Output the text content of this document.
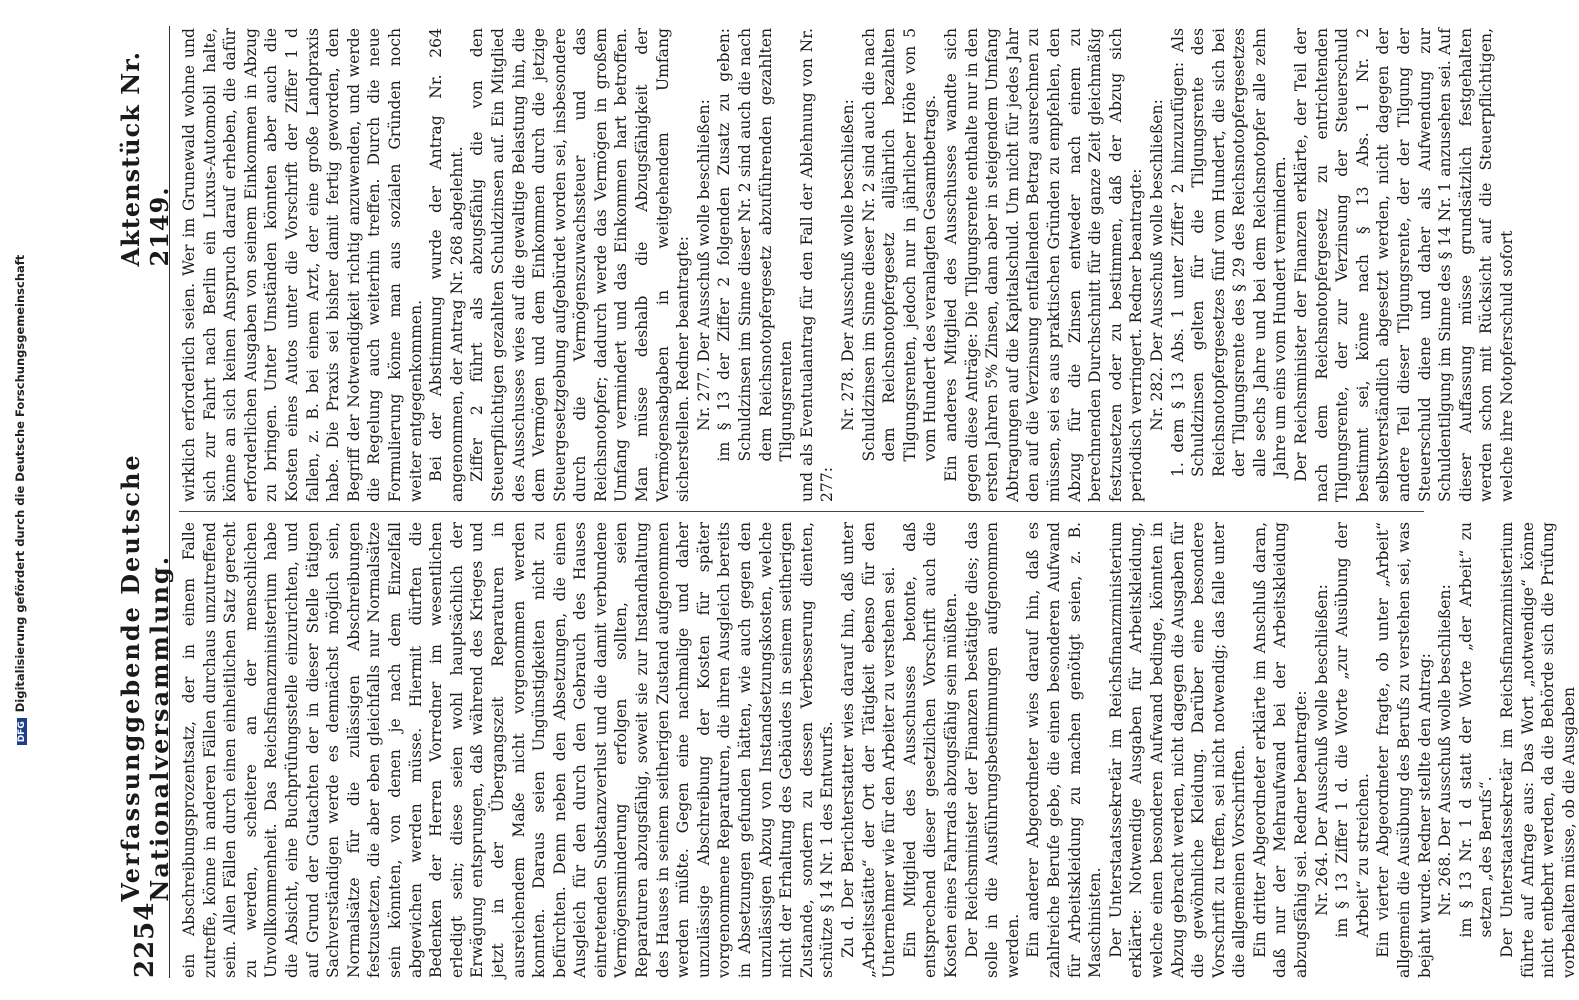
DFGDigitalisierung gefördert durch die Deutsche Forschungsgemeinschaft
2254
Verfassunggebende Deutsche Nationalversammlung.
Aktenstück Nr. 2149.

ein Abschreibungsprozentsatz, der in einem Falle zutreffe, könne in anderen Fällen durchaus unzutreffend sein. Allen Fällen durch einen einheitlichen Satz gerecht zu werden, scheitere an der menschlichen Unvollkommenheit. Das Reichsfinanzministerium habe die Absicht, eine Buchprüfungsstelle einzurichten, und auf Grund der Gutachten der in dieser Stelle tätigen Sachverständigen werde es demnächst möglich sein, Normalsätze für die zulässigen Abschreibungen festzusetzen, die aber eben gleichfalls nur Normalsätze sein könnten, von denen je nach dem Einzelfall abgewichen werden müsse. Hiermit dürften die Bedenken der Herren Vorredner im wesentlichen erledigt sein; diese seien wohl hauptsächlich der Erwägung entsprungen, daß während des Krieges und jetzt in der Übergangszeit Reparaturen in ausreichendem Maße nicht vorgenommen werden konnten. Daraus seien Ungünstigkeiten nicht zu befürchten. Denn neben den Absetzungen, die einen Ausgleich für den durch den Gebrauch des Hauses eintretenden Substanzverlust und die damit verbundene Vermögensminderung erfolgen sollten, seien Reparaturen abzugsfähig, soweit sie zur Instandhaltung des Hauses in seinem seitherigen Zustand aufgenommen werden müßte. Gegen eine nachmalige und daher unzulässige Abschreibung der Kosten für später vorgenommene Reparaturen, die ihren Ausgleich bereits in Absetzungen gefunden hätten, wie auch gegen den unzulässigen Abzug von Instandsetzungskosten, welche nicht der Erhaltung des Gebäudes in seinem seitherigen Zustande, sondern zu dessen Verbesserung dienten, schütze § 14 Nr. 1 des Entwurfs. Zu d. Der Berichterstatter wies darauf hin, daß unter „Arbeitsstätte“ der Ort der Tätigkeit ebenso für den Unternehmer wie für den Arbeiter zu verstehen sei. Ein Mitglied des Ausschusses betonte, daß entsprechend dieser gesetzlichen Vorschrift auch die Kosten eines Fahrrads abzugsfähig sein müßten. Der Reichsminister der Finanzen bestätigte dies; das solle in die Ausführungsbestimmungen aufgenommen werden. Ein anderer Abgeordneter wies darauf hin, daß es zahlreiche Berufe gebe, die einen besonderen Aufwand für Arbeitskleidung zu machen genötigt seien, z. B. Maschinisten. Der Unterstaatssekretär im Reichsfinanzministerium erklärte: Notwendige Ausgaben für Arbeitskleidung, welche einen besonderen Aufwand bedinge, könnten in Abzug gebracht werden, nicht dagegen die Ausgaben für die gewöhnliche Kleidung. Darüber eine besondere Vorschrift zu treffen, sei nicht notwendig; das falle unter die allgemeinen Vorschriften. Ein dritter Abgeordneter erklärte im Anschluß daran, daß nur der Mehraufwand bei der Arbeitskleidung abzugsfähig sei. Redner beantragte: Nr. 264. Der Ausschuß wolle beschließen: im § 13 Ziffer 1 d. die Worte „zur Ausübung der Arbeit“ zu streichen. Ein vierter Abgeordneter fragte, ob unter „Arbeit“ allgemein die Ausübung des Berufs zu verstehen sei, was bejaht wurde. Redner stellte den Antrag: Nr. 268. Der Ausschuß wolle beschließen: im § 13 Nr. 1 d statt der Worte „der Arbeit“ zu setzen „des Berufs“. Der Unterstaatssekretär im Reichsfinanzministerium führte auf Anfrage aus: Das Wort „notwendige“ könne nicht entbehrt werden, da die Behörde sich die Prüfung vorbehalten müsse, ob die Ausgaben

wirklich erforderlich seien. Wer im Grunewald wohne und sich zur Fahrt nach Berlin ein Luxus-Automobil halte, könne an sich keinen Anspruch darauf erheben, die dafür erforderlichen Ausgaben von seinem Einkommen in Abzug zu bringen. Unter Umständen könnten aber auch die Kosten eines Autos unter die Vorschrift der Ziffer 1 d fallen, z. B. bei einem Arzt, der eine große Landpraxis habe. Die Praxis sei bisher damit fertig geworden, den Begriff der Notwendigkeit richtig anzuwenden, und werde die Regelung auch weiterhin treffen. Durch die neue Formulierung könne man aus sozialen Gründen noch weiter entgegenkommen. Bei der Abstimmung wurde der Antrag Nr. 264 angenommen, der Antrag Nr. 268 abgelehnt. Ziffer 2 führt als abzugsfähig die von den Steuerpflichtigen gezahlten Schuldzinsen auf. Ein Mitglied des Ausschusses wies auf die gewaltige Belastung hin, die dem Vermögen und dem Einkommen durch die jetzige Steuergesetzgebung aufgebürdet worden sei, insbesondere durch die Vermögenszuwachssteuer und das Reichsnotopfer; dadurch werde das Vermögen in großem Umfang vermindert und das Einkommen hart betroffen. Man müsse deshalb die Abzugsfähigkeit der Vermögensabgaben in weitgehendem Umfang sicherstellen. Redner beantragte: Nr. 277. Der Ausschuß wolle beschließen: im § 13 der Ziffer 2 folgenden Zusatz zu geben: Schuldzinsen im Sinne dieser Nr. 2 sind auch die nach dem Reichsnotopfergesetz abzuführenden gezahlten Tilgungsrenten und als Eventualantrag für den Fall der Ablehnung von Nr. 277:

Nr. 278. Der Ausschuß wolle beschließen: Schuldzinsen im Sinne dieser Nr. 2 sind auch die nach dem Reichsnotopfergesetz alljährlich bezahlten Tilgungsrenten, jedoch nur in jährlicher Höhe von 5 vom Hundert des veranlagten Gesamtbetrags. Ein anderes Mitglied des Ausschusses wandte sich gegen diese Anträge: Die Tilgungsrente enthalte nur in den ersten Jahren 5% Zinsen, dann aber in steigendem Umfang Abtragungen auf die Kapitalschuld. Um nicht für jedes Jahr den auf die Verzinsung entfallenden Betrag ausrechnen zu müssen, sei es aus praktischen Gründen zu empfehlen, den Abzug für die Zinsen entweder nach einem zu berechnenden Durchschnitt für die ganze Zeit gleichmäßig festzusetzen oder zu bestimmen, daß der Abzug sich periodisch verringert. Redner beantragte: Nr. 282. Der Ausschuß wolle beschließen: 1. dem § 13 Abs. 1 unter Ziffer 2 hinzuzufügen: Als Schuldzinsen gelten für die Tilgungsrente des Reichsnotopfergesetzes fünf vom Hundert, die sich bei der Tilgungsrente des § 29 des Reichsnotopfergesetzes alle sechs Jahre und bei dem Reichsnotopfer alle zehn Jahre um eins vom Hundert vermindern. Der Reichsminister der Finanzen erklärte, der Teil der nach dem Reichsnotopfergesetz zu entrichtenden Tilgungsrente, der zur Verzinsung der Steuerschuld bestimmt sei, könne nach § 13 Abs. 1 Nr. 2 selbstverständlich abgesetzt werden, nicht dagegen der andere Teil dieser Tilgungsrente, der der Tilgung der Steuerschuld diene und daher als Aufwendung zur Schuldentilgung im Sinne des § 14 Nr. 1 anzusehen sei. Auf dieser Auffassung müsse grundsätzlich festgehalten werden schon mit Rücksicht auf die Steuerpflichtigen, welche ihre Notopferschuld sofort
